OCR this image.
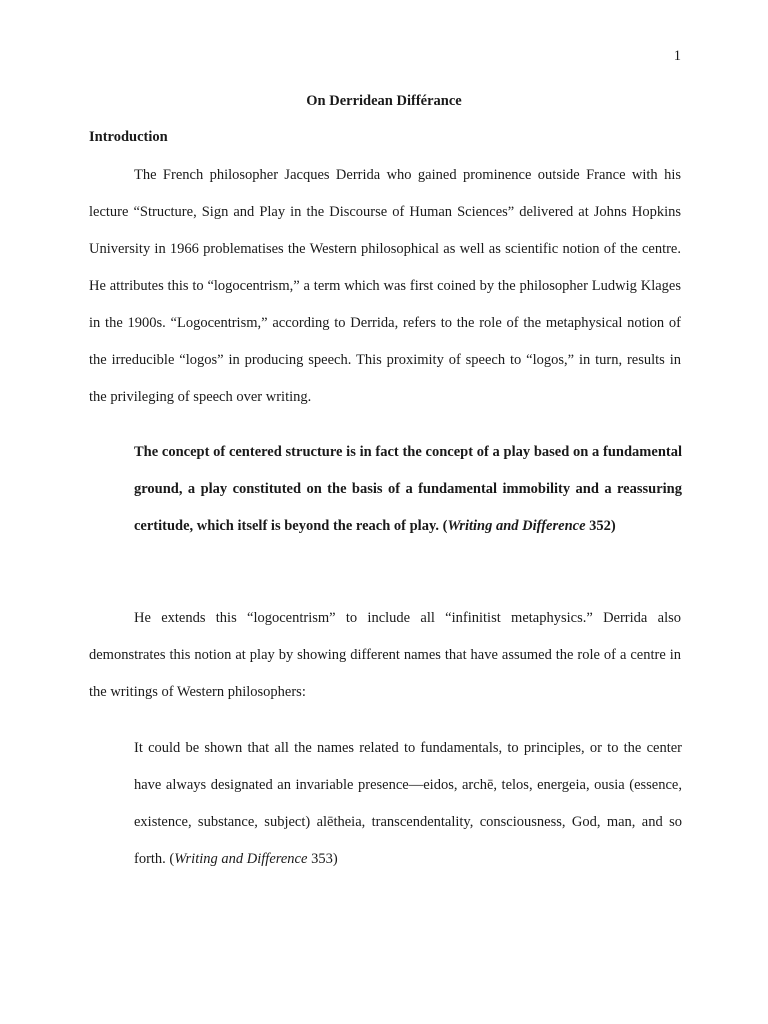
1
On Derridean Différance
Introduction

The French philosopher Jacques Derrida who gained prominence outside France with his lecture “Structure, Sign and Play in the Discourse of Human Sciences” delivered at Johns Hopkins University in 1966 problematises the Western philosophical as well as scientific notion of the centre. He attributes this to “logocentrism,” a term which was first coined by the philosopher Ludwig Klages in the 1900s. “Logocentrism,” according to Derrida, refers to the role of the metaphysical notion of the irreducible “logos” in producing speech. This proximity of speech to “logos,” in turn, results in the privileging of speech over writing.

The concept of centered structure is in fact the concept of a play based on a fundamental ground, a play constituted on the basis of a fundamental immobility and a reassuring certitude, which itself is beyond the reach of play. (Writing and Difference 352)

He extends this “logocentrism” to include all “infinitist metaphysics.” Derrida also demonstrates this notion at play by showing different names that have assumed the role of a centre in the writings of Western philosophers:

It could be shown that all the names related to fundamentals, to principles, or to the center have always designated an invariable presence—eidos, archē, telos, energeia, ousia (essence, existence, substance, subject) alētheia, transcendentality, consciousness, God, man, and so forth. (Writing and Difference 353)
